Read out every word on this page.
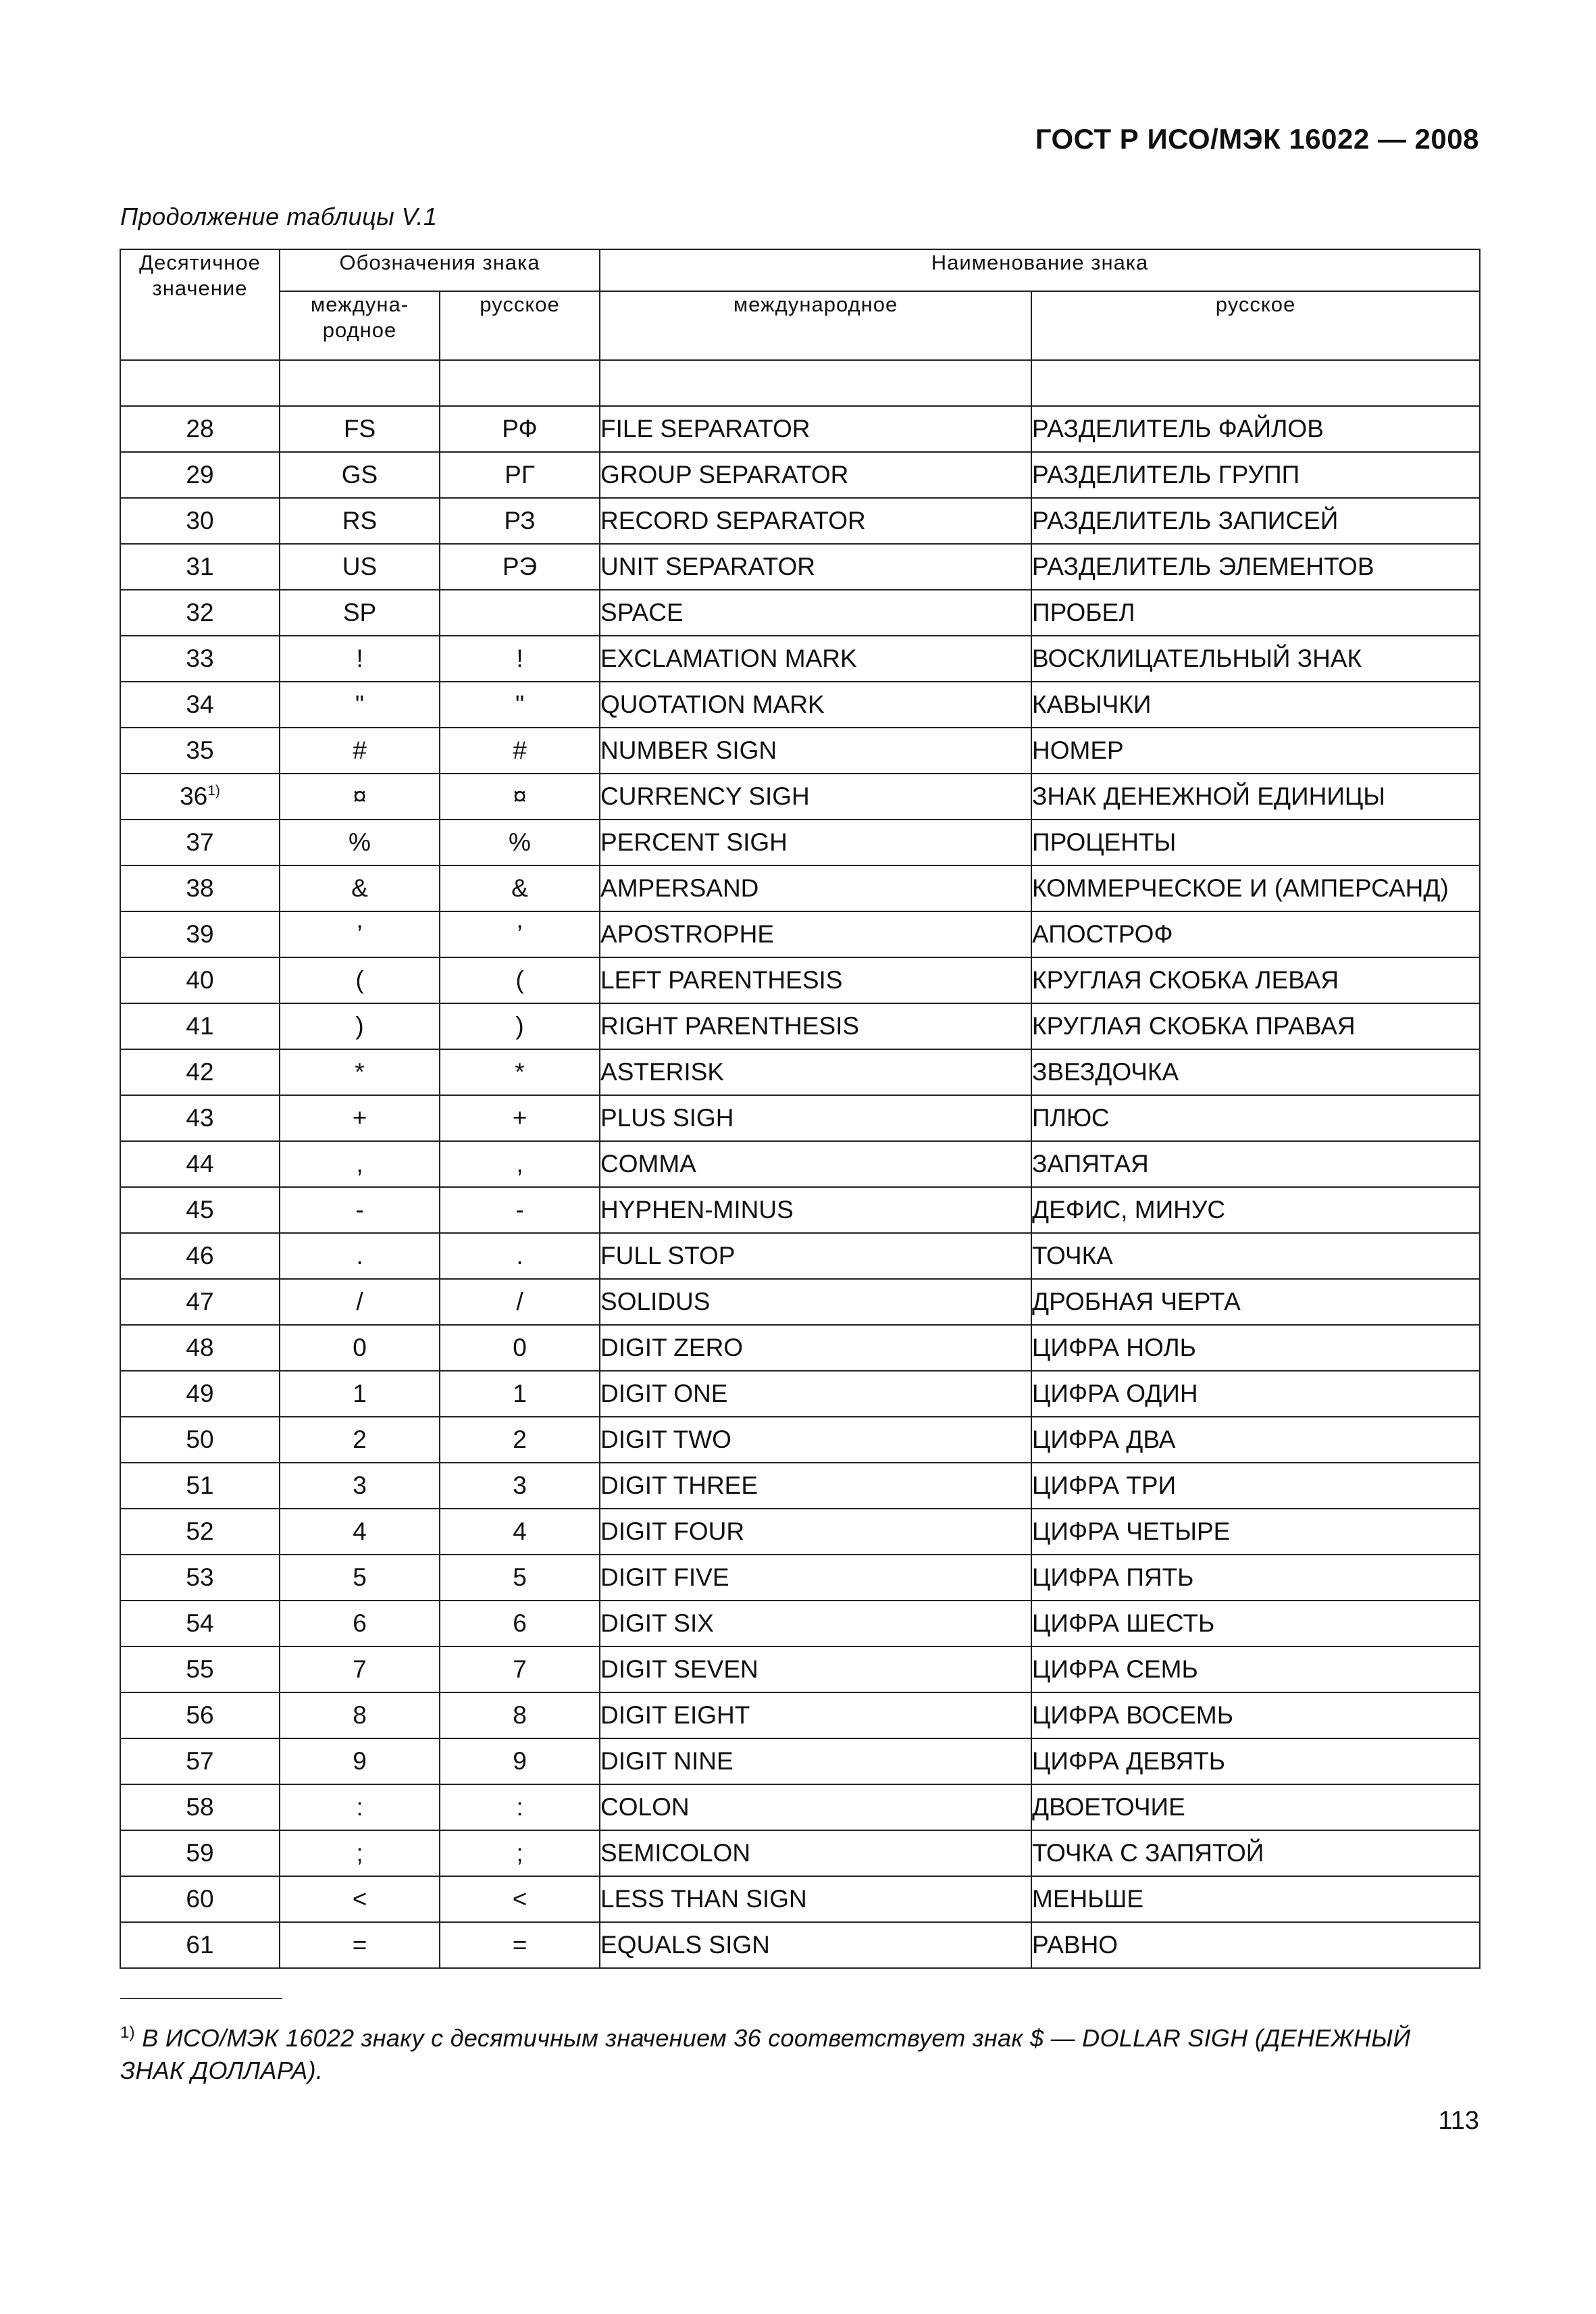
ГОСТ Р ИСО/МЭК 16022 — 2008
Продолжение таблицы V.1
Десятичное значение	Обозначения знака		Наименование знака	
	междуна-родное	русское	международное	русское

28	FS	РФ	FILE SEPARATOR	РАЗДЕЛИТЕЛЬ ФАЙЛОВ
29	GS	РГ	GROUP SEPARATOR	РАЗДЕЛИТЕЛЬ ГРУПП
30	RS	РЗ	RECORD SEPARATOR	РАЗДЕЛИТЕЛЬ ЗАПИСЕЙ
31	US	РЭ	UNIT SEPARATOR	РАЗДЕЛИТЕЛЬ ЭЛЕМЕНТОВ
32	SP		SPACE	ПРОБЕЛ
33	!	!	EXCLAMATION MARK	ВОСКЛИЦАТЕЛЬНЫЙ ЗНАК
34	"	"	QUOTATION MARK	КАВЫЧКИ
35	#	#	NUMBER SIGN	НОМЕР
36$^{1)}$	¤	¤	CURRENCY SIGH	ЗНАК ДЕНЕЖНОЙ ЕДИНИЦЫ
37	%	%	PERCENT SIGH	ПРОЦЕНТЫ
38	&	&	AMPERSAND	КОММЕРЧЕСКОЕ И (АМПЕРСАНД)
39	’	’	APOSTROPHE	АПОСТРОФ
40	(	(	LEFT PARENTHESIS	КРУГЛАЯ СКОБКА ЛЕВАЯ
41	)	)	RIGHT PARENTHESIS	КРУГЛАЯ СКОБКА ПРАВАЯ
42	*	*	ASTERISK	ЗВЕЗДОЧКА
43	+	+	PLUS SIGH	ПЛЮС
44	,	,	COMMA	ЗАПЯТАЯ
45	-	-	HYPHEN-MINUS	ДЕФИС, МИНУС
46	.	.	FULL STOP	ТОЧКА
47	/	/	SOLIDUS	ДРОБНАЯ ЧЕРТА
48	0	0	DIGIT ZERO	ЦИФРА НОЛЬ
49	1	1	DIGIT ONE	ЦИФРА ОДИН
50	2	2	DIGIT TWO	ЦИФРА ДВА
51	3	3	DIGIT THREE	ЦИФРА ТРИ
52	4	4	DIGIT FOUR	ЦИФРА ЧЕТЫРЕ
53	5	5	DIGIT FIVE	ЦИФРА ПЯТЬ
54	6	6	DIGIT SIX	ЦИФРА ШЕСТЬ
55	7	7	DIGIT SEVEN	ЦИФРА СЕМЬ
56	8	8	DIGIT EIGHT	ЦИФРА ВОСЕМЬ
57	9	9	DIGIT NINE	ЦИФРА ДЕВЯТЬ
58	:	:	COLON	ДВОЕТОЧИЕ
59	;	;	SEMICOLON	ТОЧКА С ЗАПЯТОЙ
60	<	<	LESS THAN SIGN	МЕНЬШЕ
61	=	=	EQUALS SIGN	РАВНО
$^{1)}$ В ИСО/МЭК 16022 знаку с десятичным значением 36 соответствует знак $ — DOLLAR SIGH (ДЕНЕЖНЫЙ ЗНАК ДОЛЛАРА).
113
